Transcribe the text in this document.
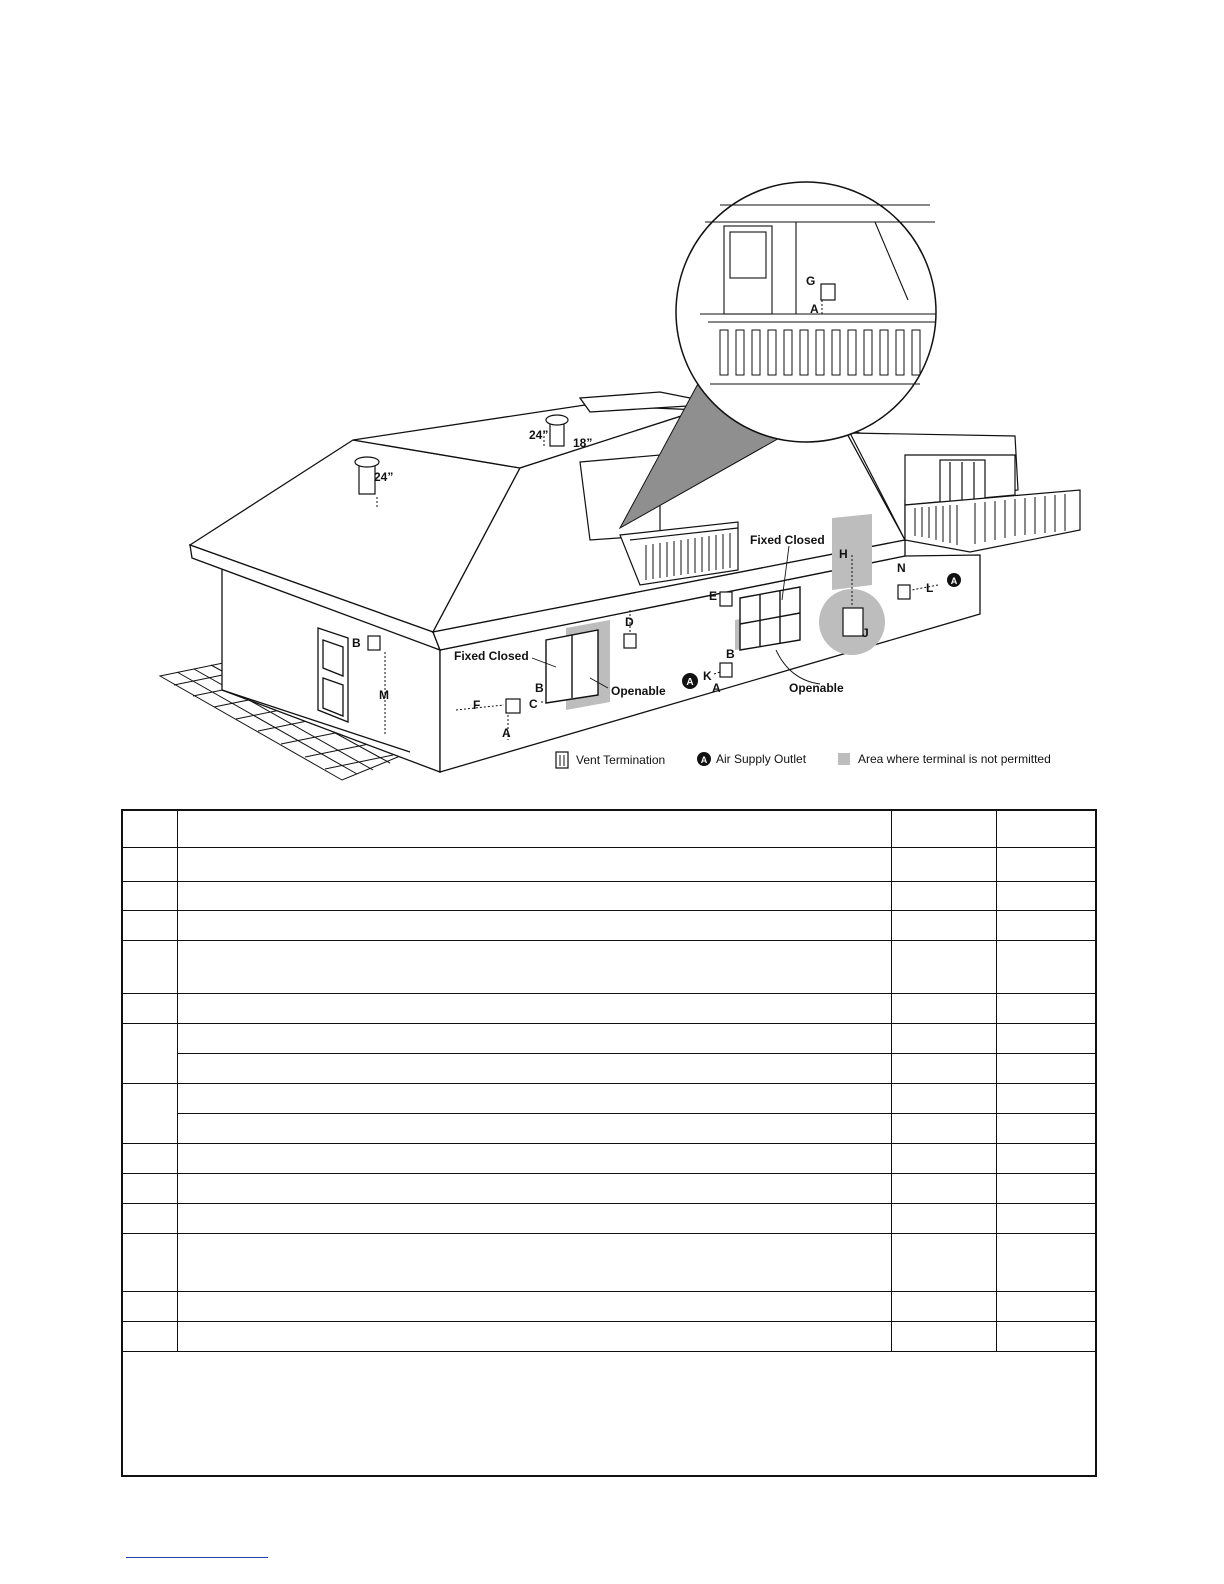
G
A
A
A
24”
24”
18”
B
M
F	C
A
B
Fixed Closed
Openable
D
E
B
K
A
Fixed Closed
Openable
H
J
N
L
Vent Termination	A Air Supply Outlet	Area where terminal is not permitted
